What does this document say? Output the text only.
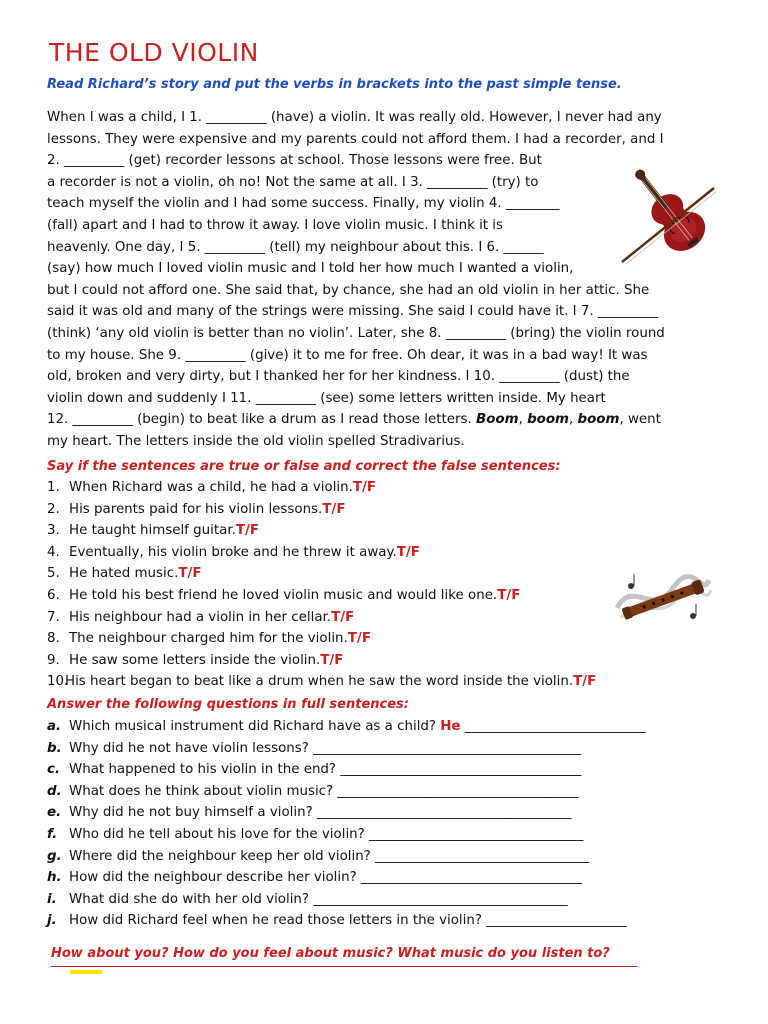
THE OLD VIOLIN
Read Richard’s story and put the verbs in brackets into the past simple tense.
When I was a child, I 1. _________ (have) a violin. It was really old. However, I never had any
lessons. They were expensive and my parents could not afford them. I had a recorder, and I
2. _________ (get) recorder lessons at school. Those lessons were free. But
a recorder is not a violin, oh no! Not the same at all. I 3. _________ (try) to
teach myself the violin and I had some success. Finally, my violin 4. ________
(fall) apart and I had to throw it away. I love violin music. I think it is
heavenly. One day, I 5. _________ (tell) my neighbour about this. I 6. ______
(say) how much I loved violin music and I told her how much I wanted a violin,
but I could not afford one. She said that, by chance, she had an old violin in her attic. She
said it was old and many of the strings were missing. She said I could have it. I 7. _________
(think) ‘any old violin is better than no violin’. Later, she 8. _________ (bring) the violin round
to my house. She 9. _________ (give) it to me for free. Oh dear, it was in a bad way! It was
old, broken and very dirty, but I thanked her for her kindness. I 10. _________ (dust) the
violin down and suddenly I 11. _________ (see) some letters written inside. My heart
12. _________ (begin) to beat like a drum as I read those letters. Boom, boom, boom, went
my heart. The letters inside the old violin spelled Stradivarius.
Say if the sentences are true or false and correct the false sentences:
1. When Richard was a child, he had a violin. T/F
2. His parents paid for his violin lessons. T/F
3. He taught himself guitar. T/F
4. Eventually, his violin broke and he threw it away. T/F
5. He hated music. T/F
6. He told his best friend he loved violin music and would like one. T/F
7. His neighbour had a violin in her cellar. T/F
8. The neighbour charged him for the violin. T/F
9. He saw some letters inside the violin. T/F
10.
His heart began to beat like a drum when he saw the word inside the violin. T/F
Answer the following questions in full sentences:
a. Which musical instrument did Richard have as a child? He ___________________________
b. Why did he not have violin lessons? ________________________________________
c. What happened to his violin in the end? ____________________________________
d. What does he think about violin music? ____________________________________
e. Why did he not buy himself a violin? ______________________________________
f. Who did he tell about his love for the violin? ________________________________
g. Where did the neighbour keep her old violin? ________________________________
h. How did the neighbour describe her violin? _________________________________
i. What did she do with her old violin? ______________________________________
j. How did Richard feel when he read those letters in the violin? _____________________
How about you? How do you feel about music? What music do you listen to?
